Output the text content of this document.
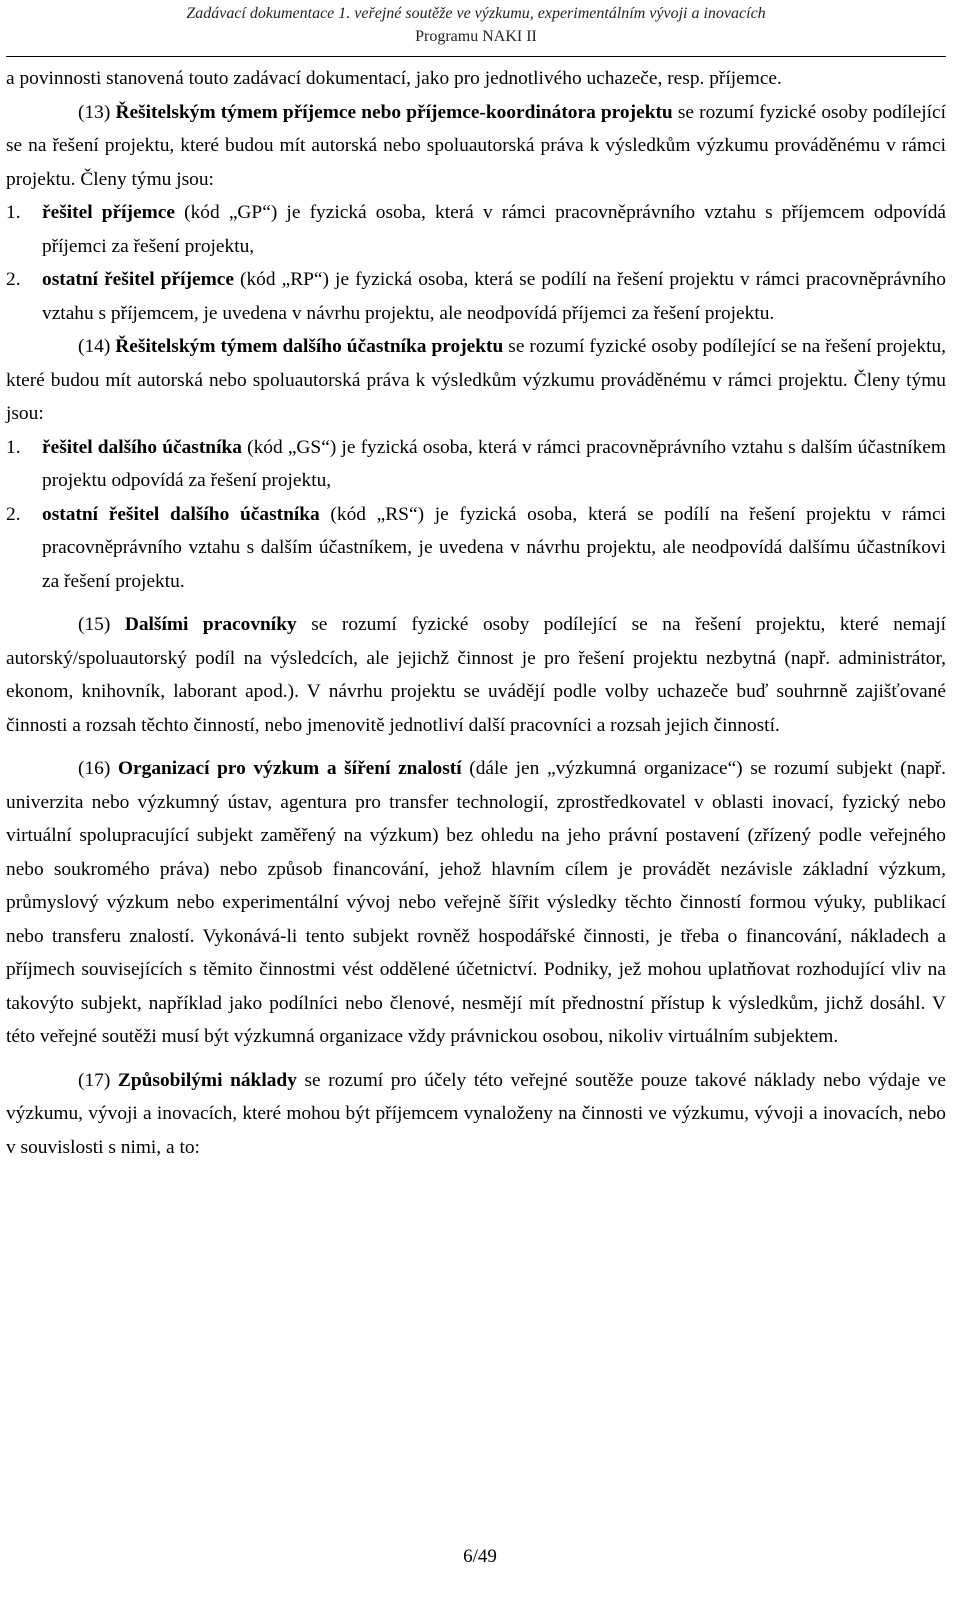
Zadávací dokumentace 1. veřejné soutěže ve výzkumu, experimentálním vývoji a inovacích
Programu NAKI II

a povinnosti stanovená touto zadávací dokumentací, jako pro jednotlivého uchazeče, resp. příjemce.

(13) Řešitelským týmem příjemce nebo příjemce-koordinátora projektu se rozumí fyzické osoby podílející se na řešení projektu, které budou mít autorská nebo spoluautorská práva k výsledkům výzkumu prováděnému v rámci projektu. Členy týmu jsou:

1.	řešitel příjemce (kód „GP“) je fyzická osoba, která v rámci pracovněprávního vztahu s příjemcem odpovídá příjemci za řešení projektu,
2.	ostatní řešitel příjemce (kód „RP“) je fyzická osoba, která se podílí na řešení projektu v rámci pracovněprávního vztahu s příjemcem, je uvedena v návrhu projektu, ale neodpovídá příjemci za řešení projektu.

(14) Řešitelským týmem dalšího účastníka projektu se rozumí fyzické osoby podílející se na řešení projektu, které budou mít autorská nebo spoluautorská práva k výsledkům výzkumu prováděnému v rámci projektu. Členy týmu jsou:

1.	řešitel dalšího účastníka (kód „GS“) je fyzická osoba, která v rámci pracovněprávního vztahu s dalším účastníkem projektu odpovídá za řešení projektu,
2.	ostatní řešitel dalšího účastníka (kód „RS“) je fyzická osoba, která se podílí na řešení projektu v rámci pracovněprávního vztahu s dalším účastníkem, je uvedena v návrhu projektu, ale neodpovídá dalšímu účastníkovi za řešení projektu.

(15) Dalšími pracovníky se rozumí fyzické osoby podílející se na řešení projektu, které nemají autorský/spoluautorský podíl na výsledcích, ale jejichž činnost je pro řešení projektu nezbytná (např. administrátor, ekonom, knihovník, laborant apod.). V návrhu projektu se uvádějí podle volby uchazeče buď souhrnně zajišťované činnosti a rozsah těchto činností, nebo jmenovitě jednotliví další pracovníci a rozsah jejich činností.

(16) Organizací pro výzkum a šíření znalostí (dále jen „výzkumná organizace“) se rozumí subjekt (např. univerzita nebo výzkumný ústav, agentura pro transfer technologií, zprostředkovatel v oblasti inovací, fyzický nebo virtuální spolupracující subjekt zaměřený na výzkum) bez ohledu na jeho právní postavení (zřízený podle veřejného nebo soukromého práva) nebo způsob financování, jehož hlavním cílem je provádět nezávisle základní výzkum, průmyslový výzkum nebo experimentální vývoj nebo veřejně šířit výsledky těchto činností formou výuky, publikací nebo transferu znalostí. Vykonává-li tento subjekt rovněž hospodářské činnosti, je třeba o financování, nákladech a příjmech souvisejících s těmito činnostmi vést oddělené účetnictví. Podniky, jež mohou uplatňovat rozhodující vliv na takovýto subjekt, například jako podílníci nebo členové, nesmějí mít přednostní přístup k výsledkům, jichž dosáhl. V této veřejné soutěži musí být výzkumná organizace vždy právnickou osobou, nikoliv virtuálním subjektem.

(17) Způsobilými náklady se rozumí pro účely této veřejné soutěže pouze takové náklady nebo výdaje ve výzkumu, vývoji a inovacích, které mohou být příjemcem vynaloženy na činnosti ve výzkumu, vývoji a inovacích, nebo v souvislosti s nimi, a to:

6/49
